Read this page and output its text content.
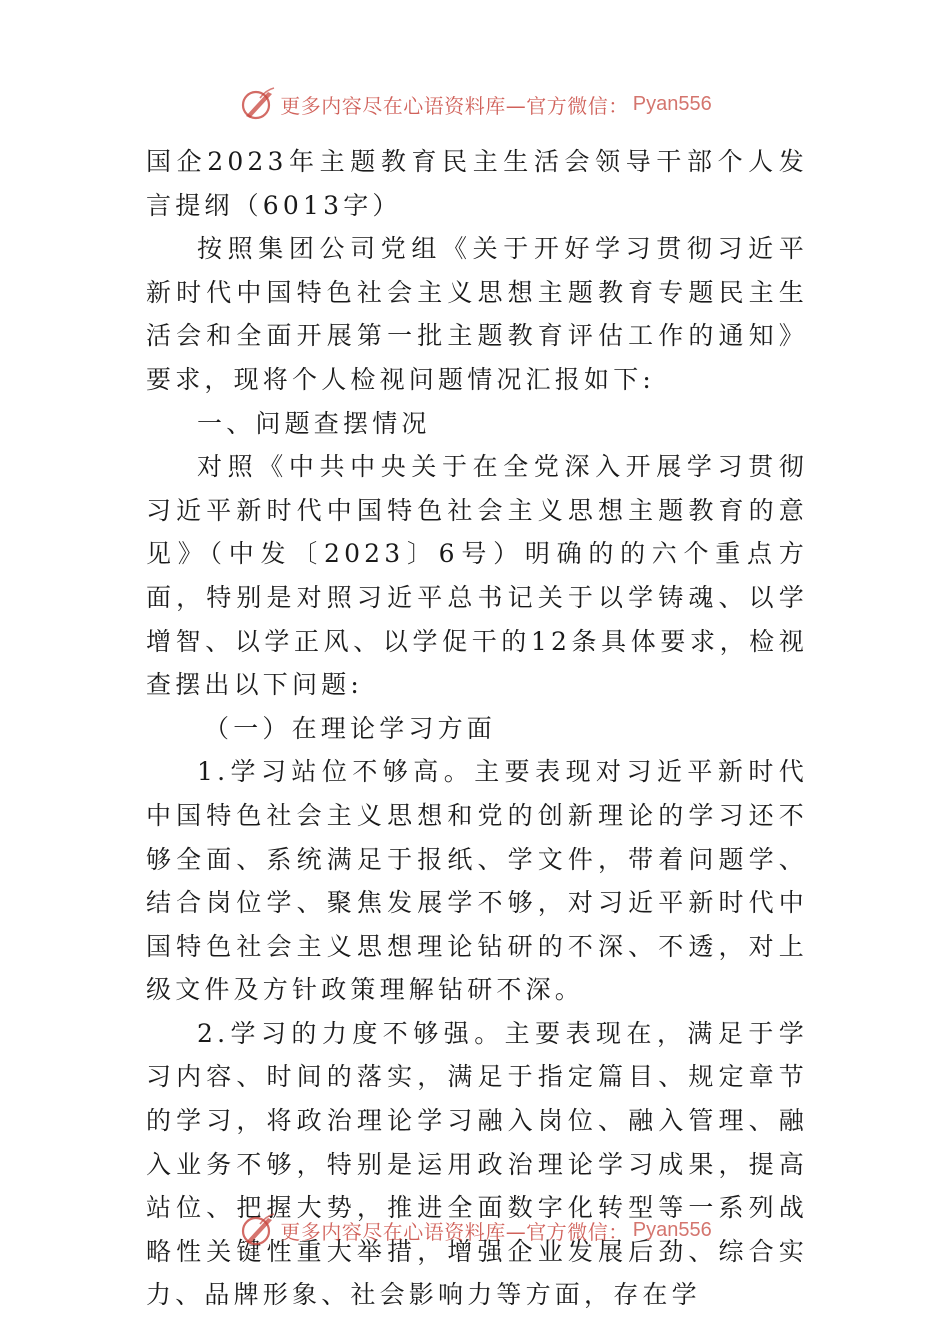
更多内容尽在心语资料库—官方微信： Pyan556

国企2023年主题教育民主生活会领导干部个人发言提纲（6013字）

按照集团公司党组《关于开好学习贯彻习近平新时代中国特色社会主义思想主题教育专题民主生活会和全面开展第一批主题教育评估工作的通知》要求，现将个人检视问题情况汇报如下:

一、问题查摆情况

对照《中共中央关于在全党深入开展学习贯彻习近平新时代中国特色社会主义思想主题教育的意见》（中发〔2023〕6号）明确的的六个重点方面，特别是对照习近平总书记关于以学铸魂、以学增智、以学正风、以学促干的12条具体要求，检视查摆出以下问题:

（一）在理论学习方面

1.学习站位不够高。主要表现对习近平新时代中国特色社会主义思想和党的创新理论的学习还不够全面、系统满足于报纸、学文件，带着问题学、结合岗位学、聚焦发展学不够，对习近平新时代中国特色社会主义思想理论钻研的不深、不透，对上级文件及方针政策理解钻研不深。

2.学习的力度不够强。主要表现在，满足于学习内容、时间的落实，满足于指定篇目、规定章节的学习，将政治理论学习融入岗位、融入管理、融入业务不够，特别是运用政治理论学习成果，提高站位、把握大势，推进全面数字化转型等一系列战略性关键性重大举措，增强企业发展后劲、综合实力、品牌形象、社会影响力等方面，存在学

更多内容尽在心语资料库—官方微信： Pyan556
